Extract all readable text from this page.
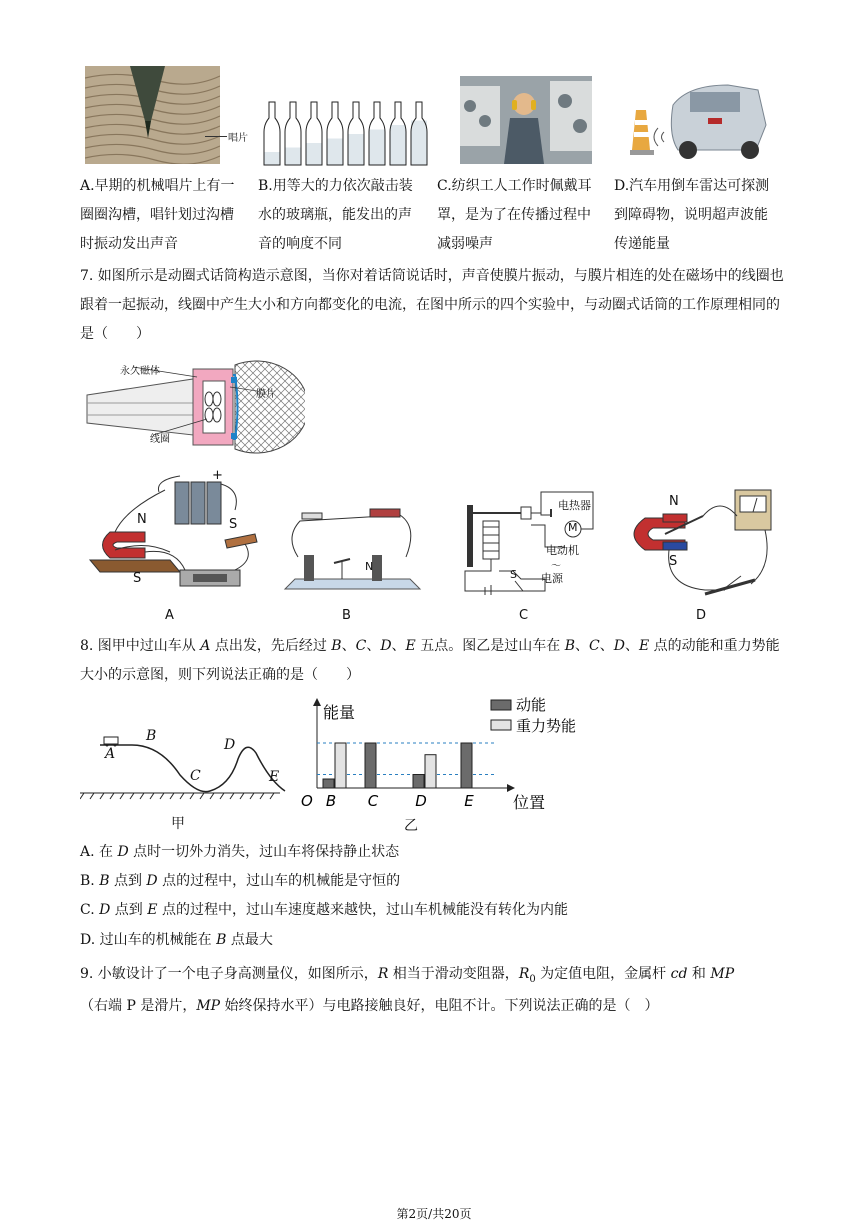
唱片
A.早期的机械唱片上有一圈圈沟槽，唱针划过沟槽时振动发出声音
B.用等大的力依次敲击装水的玻璃瓶，能发出的声音的响度不同
C.纺织工人工作时佩戴耳罩，是为了在传播过程中减弱噪声
D.汽车用倒车雷达可探测到障碍物，说明超声波能传递能量
7. 如图所示是动圈式话筒构造示意图，当你对着话筒说话时，声音使膜片振动，与膜片相连的处在磁场中的线圈也跟着一起振动，线圈中产生大小和方向都变化的电流，在图中所示的四个实验中，与动圈式话筒的工作原理相同的是（　　）
永久磁体
膜片
线圈
N
S
S
+
A
N
B
电热器
M
电动机
～
电源
S
C
N
S
D
8. 图甲中过山车从 A 点出发，先后经过 B、C、D、E 五点。图乙是过山车在 B、C、D、E 点的动能和重力势能大小的示意图，则下列说法正确的是（　　）
A
B
C
D
E
甲
B C D E
O
能量
位置
动能
重力势能
乙
A. 在 D 点时一切外力消失，过山车将保持静止状态
B. B 点到 D 点的过程中，过山车的机械能是守恒的
C. D 点到 E 点的过程中，过山车速度越来越快，过山车机械能没有转化为内能
D. 过山车的机械能在 B 点最大
9. 小敏设计了一个电子身高测量仪，如图所示，R 相当于滑动变阻器，$R_0$ 为定值电阻，金属杆 cd 和 MP
（右端 P 是滑片，MP 始终保持水平）与电路接触良好，电阻不计。下列说法正确的是（　）
第2页/共20页
